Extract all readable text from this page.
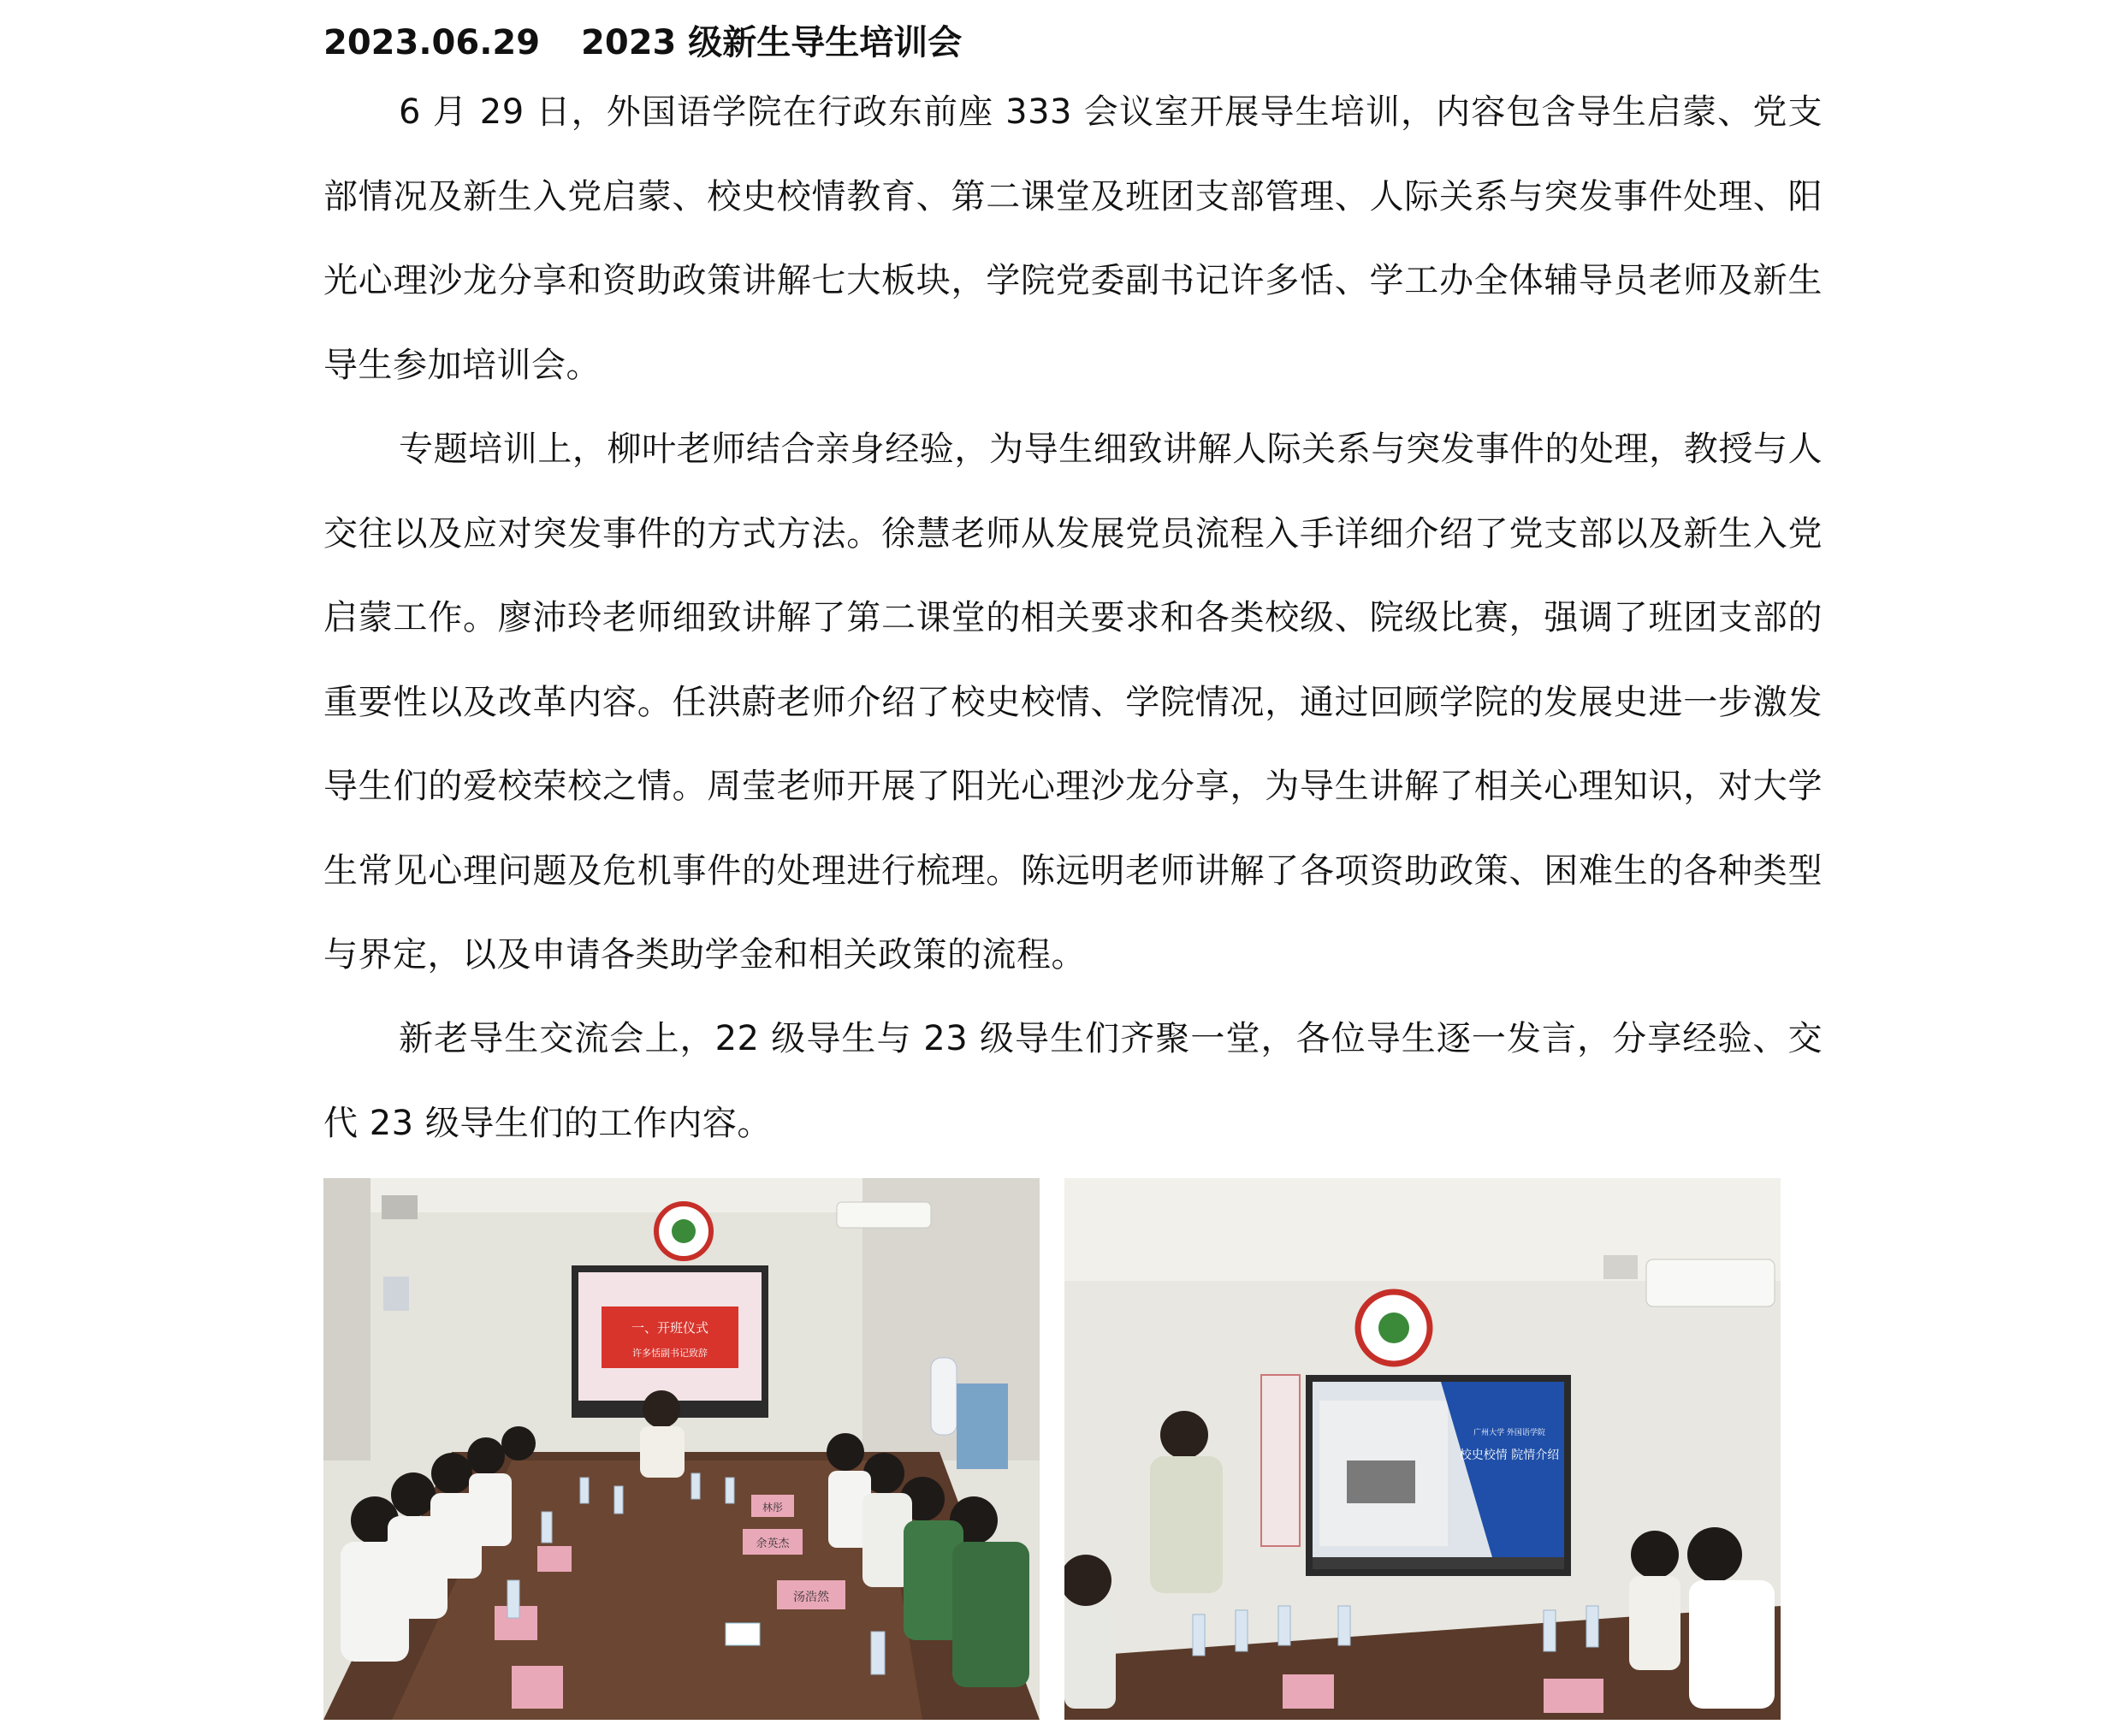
2023.06.29 2023 级新生导生培训会

6 月 29 日，外国语学院在行政东前座 333 会议室开展导生培训，内容包含导生启蒙、党支部情况及新生入党启蒙、校史校情教育、第二课堂及班团支部管理、人际关系与突发事件处理、阳光心理沙龙分享和资助政策讲解七大板块，学院党委副书记许多恬、学工办全体辅导员老师及新生导生参加培训会。

专题培训上，柳叶老师结合亲身经验，为导生细致讲解人际关系与突发事件的处理，教授与人交往以及应对突发事件的方式方法。徐慧老师从发展党员流程入手详细介绍了党支部以及新生入党启蒙工作。廖沛玲老师细致讲解了第二课堂的相关要求和各类校级、院级比赛，强调了班团支部的重要性以及改革内容。任洪蔚老师介绍了校史校情、学院情况，通过回顾学院的发展史进一步激发导生们的爱校荣校之情。周莹老师开展了阳光心理沙龙分享，为导生讲解了相关心理知识，对大学生常见心理问题及危机事件的处理进行梳理。陈远明老师讲解了各项资助政策、困难生的各种类型与界定，以及申请各类助学金和相关政策的流程。

新老导生交流会上，22 级导生与 23 级导生们齐聚一堂，各位导生逐一发言，分享经验、交代 23 级导生们的工作内容。

一、开班仪式
许多恬副书记致辞
林彤
余英杰
汤浩然
广州大学 外国语学院
校史校情 院情介绍
